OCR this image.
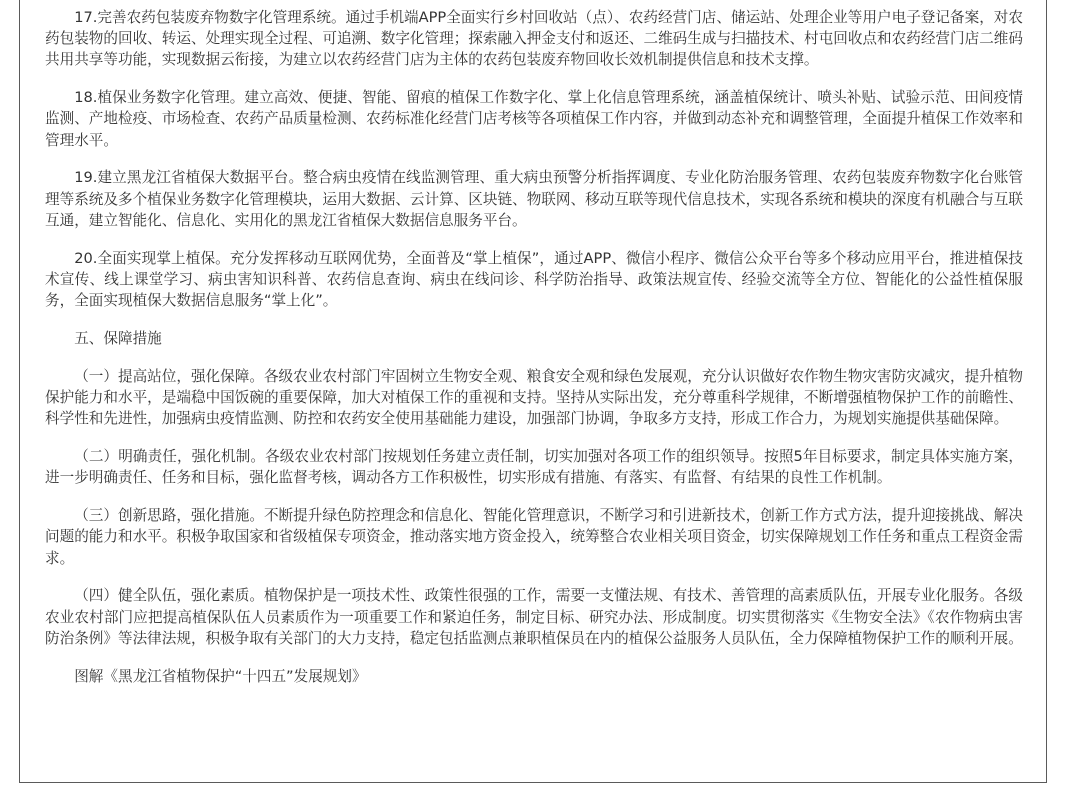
17.完善农药包装废弃物数字化管理系统。通过手机端APP全面实行乡村回收站（点）、农药经营门店、储运站、处理企业等用户电子登记备案，对农药包装物的回收、转运、处理实现全过程、可追溯、数字化管理；探索融入押金支付和返还、二维码生成与扫描技术、村屯回收点和农药经营门店二维码共用共享等功能，实现数据云衔接，为建立以农药经营门店为主体的农药包装废弃物回收长效机制提供信息和技术支撑。

18.植保业务数字化管理。建立高效、便捷、智能、留痕的植保工作数字化、掌上化信息管理系统，涵盖植保统计、喷头补贴、试验示范、田间疫情监测、产地检疫、市场检查、农药产品质量检测、农药标准化经营门店考核等各项植保工作内容，并做到动态补充和调整管理，全面提升植保工作效率和管理水平。

19.建立黑龙江省植保大数据平台。整合病虫疫情在线监测管理、重大病虫预警分析指挥调度、专业化防治服务管理、农药包装废弃物数字化台账管理等系统及多个植保业务数字化管理模块，运用大数据、云计算、区块链、物联网、移动互联等现代信息技术，实现各系统和模块的深度有机融合与互联互通，建立智能化、信息化、实用化的黑龙江省植保大数据信息服务平台。

20.全面实现掌上植保。充分发挥移动互联网优势，全面普及“掌上植保”，通过APP、微信小程序、微信公众平台等多个移动应用平台，推进植保技术宣传、线上课堂学习、病虫害知识科普、农药信息查询、病虫在线问诊、科学防治指导、政策法规宣传、经验交流等全方位、智能化的公益性植保服务，全面实现植保大数据信息服务“掌上化”。

五、保障措施

（一）提高站位，强化保障。各级农业农村部门牢固树立生物安全观、粮食安全观和绿色发展观，充分认识做好农作物生物灾害防灾减灾，提升植物保护能力和水平，是端稳中国饭碗的重要保障，加大对植保工作的重视和支持。坚持从实际出发，充分尊重科学规律，不断增强植物保护工作的前瞻性、科学性和先进性，加强病虫疫情监测、防控和农药安全使用基础能力建设，加强部门协调，争取多方支持，形成工作合力，为规划实施提供基础保障。

（二）明确责任，强化机制。各级农业农村部门按规划任务建立责任制，切实加强对各项工作的组织领导。按照5年目标要求，制定具体实施方案，进一步明确责任、任务和目标，强化监督考核，调动各方工作积极性，切实形成有措施、有落实、有监督、有结果的良性工作机制。

（三）创新思路，强化措施。不断提升绿色防控理念和信息化、智能化管理意识，不断学习和引进新技术，创新工作方式方法，提升迎接挑战、解决问题的能力和水平。积极争取国家和省级植保专项资金，推动落实地方资金投入，统筹整合农业相关项目资金，切实保障规划工作任务和重点工程资金需求。

（四）健全队伍，强化素质。植物保护是一项技术性、政策性很强的工作，需要一支懂法规、有技术、善管理的高素质队伍，开展专业化服务。各级农业农村部门应把提高植保队伍人员素质作为一项重要工作和紧迫任务，制定目标、研究办法、形成制度。切实贯彻落实《生物安全法》《农作物病虫害防治条例》等法律法规，积极争取有关部门的大力支持，稳定包括监测点兼职植保员在内的植保公益服务人员队伍，全力保障植物保护工作的顺利开展。

图解《黑龙江省植物保护“十四五”发展规划》
